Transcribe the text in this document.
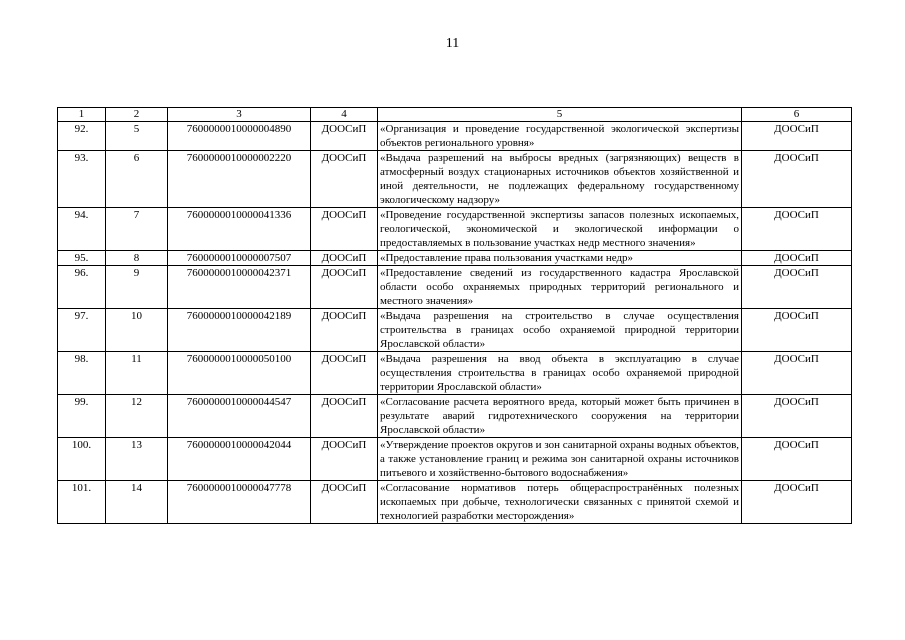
11
1	2	3	4	5	6
92.	5	7600000010000004890	ДООСиП	«Организация и проведение государственной экологической экспертизы объектов регионального уровня»	ДООСиП
93.	6	7600000010000002220	ДООСиП	«Выдача разрешений на выбросы вредных (загрязняющих) веществ в атмосферный воздух стационарных источников объектов хозяйственной и иной деятельности, не подлежащих федеральному государственному экологическому надзору»	ДООСиП
94.	7	7600000010000041336	ДООСиП	«Проведение государственной экспертизы запасов полезных ископаемых, геологической, экономической и экологической информации о предоставляемых в пользование участках недр местного значения»	ДООСиП
95.	8	7600000010000007507	ДООСиП	«Предоставление права пользования участками недр»	ДООСиП
96.	9	7600000010000042371	ДООСиП	«Предоставление сведений из государственного кадастра Ярославской области особо охраняемых природных территорий регионального и местного значения»	ДООСиП
97.	10	7600000010000042189	ДООСиП	«Выдача разрешения на строительство в случае осуществления строительства в границах особо охраняемой природной территории Ярославской области»	ДООСиП
98.	11	7600000010000050100	ДООСиП	«Выдача разрешения на ввод объекта в эксплуатацию в случае осуществления строительства в границах особо охраняемой природной территории Ярославской области»	ДООСиП
99.	12	7600000010000044547	ДООСиП	«Согласование расчета вероятного вреда, который может быть причинен в результате аварий гидротехнического сооружения на территории Ярославской области»	ДООСиП
100.	13	7600000010000042044	ДООСиП	«Утверждение проектов округов и зон санитарной охраны водных объектов, а также установление границ и режима зон санитарной охраны источников питьевого и хозяйственно-бытового водоснабжения»	ДООСиП
101.	14	7600000010000047778	ДООСиП	«Согласование нормативов потерь общераспространённых полезных ископаемых при добыче, технологически связанных с принятой схемой и технологией разработки месторождения»	ДООСиП
